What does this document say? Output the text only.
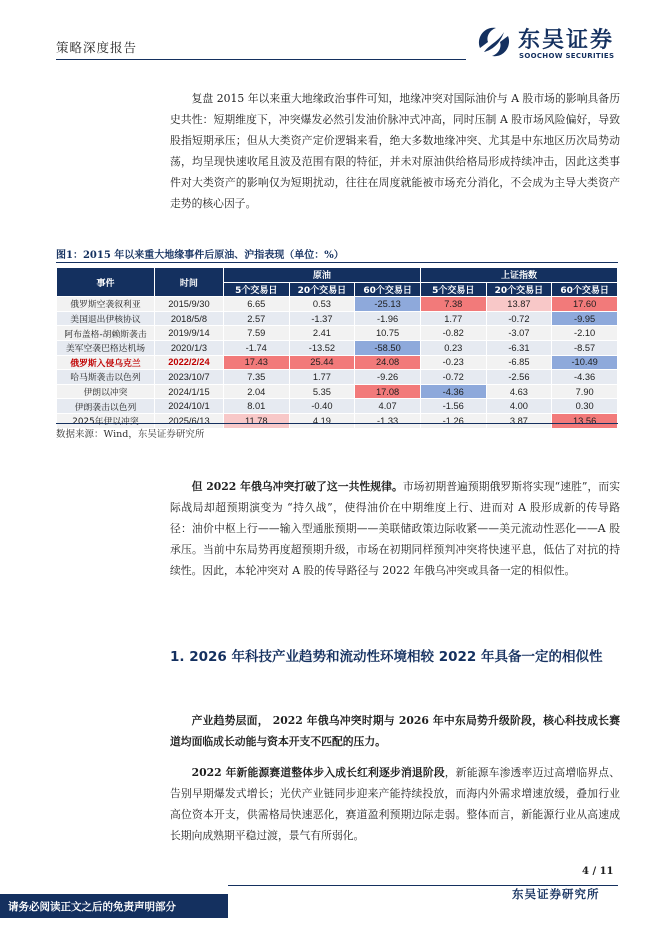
策略深度报告	东吴证券
SOOCHOW SECURITIES

复盘 2015 年以来重大地缘政治事件可知，地缘冲突对国际油价与 A 股市场的影响具备历史共性：短期维度下，冲突爆发必然引发油价脉冲式冲高，同时压制 A 股市场风险偏好，导致股指短期承压；但从大类资产定价逻辑来看，绝大多数地缘冲突、尤其是中东地区历次局势动荡，均呈现快速收尾且波及范围有限的特征，并未对原油供给格局形成持续冲击，因此这类事件对大类资产的影响仅为短期扰动，往往在周度就能被市场充分消化，不会成为主导大类资产走势的核心因子。

图1：2015 年以来重大地缘事件后原油、沪指表现（单位：%）
事件	时间	原油			上证指数		
		5个交易日	20个交易日	60个交易日	5个交易日	20个交易日	60个交易日
俄罗斯空袭叙利亚	2015/9/30	6.65	0.53	-25.13	7.38	13.87	17.60
美国退出伊核协议	2018/5/8	2.57	-1.37	-1.96	1.77	-0.72	-9.95
阿布盖格-胡赖斯袭击	2019/9/14	7.59	2.41	10.75	-0.82	-3.07	-2.10
美军空袭巴格达机场	2020/1/3	-1.74	-13.52	-58.50	0.23	-6.31	-8.57
俄罗斯入侵乌克兰	2022/2/24	17.43	25.44	24.08	-0.23	-6.85	-10.49
哈马斯袭击以色列	2023/10/7	7.35	1.77	-9.26	-0.72	-2.56	-4.36
伊朗以冲突	2024/1/15	2.04	5.35	17.08	-4.36	4.63	7.90
伊朗袭击以色列	2024/10/1	8.01	-0.40	4.07	-1.56	4.00	0.30
2025年伊以冲突	2025/6/13	11.78	4.19	-1.33	-1.26	3.87	13.56
数据来源：Wind，东吴证券研究所

但 2022 年俄乌冲突打破了这一共性规律。市场初期普遍预期俄罗斯将实现“速胜”，而实际战局却超预期演变为 “持久战”，使得油价在中期维度上行、进而对 A 股形成新的传导路径：油价中枢上行——输入型通胀预期——美联储政策边际收紧——美元流动性恶化——A 股承压。当前中东局势再度超预期升级，市场在初期同样预判冲突将快速平息，低估了对抗的持续性。因此，本轮冲突对 A 股的传导路径与 2022 年俄乌冲突或具备一定的相似性。

1. 2026 年科技产业趋势和流动性环境相较 2022 年具备一定的相似性

产业趋势层面， 2022 年俄乌冲突时期与 2026 年中东局势升级阶段，核心科技成长赛道均面临成长动能与资本开支不匹配的压力。

2022 年新能源赛道整体步入成长红利逐步消退阶段，新能源车渗透率迈过高增临界点、告别早期爆发式增长；光伏产业链同步迎来产能持续投放，而海内外需求增速放缓，叠加行业高位资本开支，供需格局快速恶化，赛道盈利预期边际走弱。整体而言，新能源行业从高速成长期向成熟期平稳过渡，景气有所弱化。

4 / 11
请务必阅读正文之后的免责声明部分
东吴证券研究所
